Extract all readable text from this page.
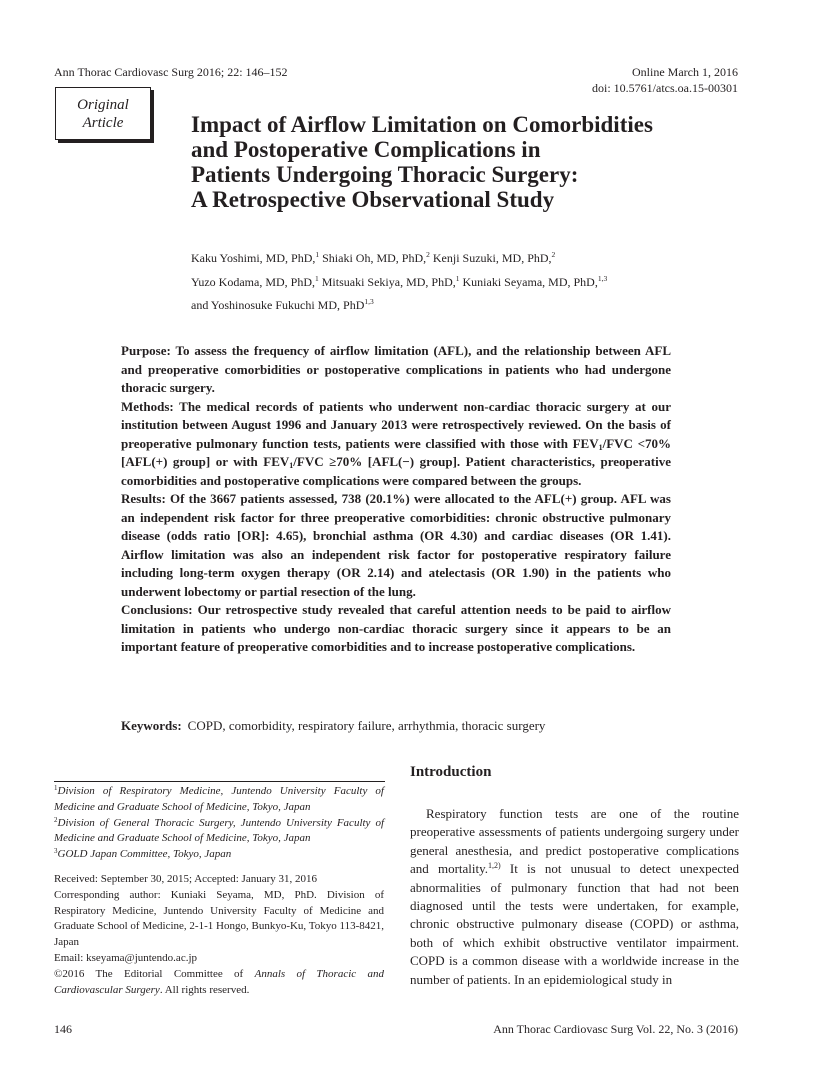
Ann Thorac Cardiovasc Surg 2016; 22: 146–152	Online March 1, 2016
doi: 10.5761/atcs.oa.15-00301
Original
Article	Impact of Airflow Limitation on Comorbidities
and Postoperative Complications in
Patients Undergoing Thoracic Surgery:
A Retrospective Observational Study
Kaku Yoshimi, MD, PhD,$^1$ Shiaki Oh, MD, PhD,$^2$ Kenji Suzuki, MD, PhD,$^2$
Yuzo Kodama, MD, PhD,$^1$ Mitsuaki Sekiya, MD, PhD,$^1$ Kuniaki Seyama, MD, PhD,$^{1,3}$
and Yoshinosuke Fukuchi MD, PhD$^{1,3}$

Purpose: To assess the frequency of airflow limitation (AFL), and the relationship between AFL and preoperative comorbidities or postoperative complications in patients who had undergone thoracic surgery.

Methods: The medical records of patients who underwent non-cardiac thoracic surgery at our institution between August 1996 and January 2013 were retrospectively reviewed. On the basis of preoperative pulmonary function tests, patients were classified with those with $FEV_1$/FVC <70% [AFL(+) group] or with $FEV_1$/FVC ≥70% [AFL(−) group]. Patient characteristics, preoperative comorbidities and postoperative complications were compared between the groups.

Results: Of the 3667 patients assessed, 738 (20.1%) were allocated to the AFL(+) group. AFL was an independent risk factor for three preoperative comorbidities: chronic obstructive pulmonary disease (odds ratio [OR]: 4.65), bronchial asthma (OR 4.30) and cardiac diseases (OR 1.41). Airflow limitation was also an independent risk factor for postoperative respiratory failure including long-term oxygen therapy (OR 2.14) and atelectasis (OR 1.90) in the patients who underwent lobectomy or partial resection of the lung.

Conclusions: Our retrospective study revealed that careful attention needs to be paid to airflow limitation in patients who undergo non-cardiac thoracic surgery since it appears to be an important feature of preoperative comorbidities and to increase postoperative complications.

Keywords: COPD, comorbidity, respiratory failure, arrhythmia, thoracic surgery

$^1$Division of Respiratory Medicine, Juntendo University Faculty of Medicine and Graduate School of Medicine, Tokyo, Japan

$^2$Division of General Thoracic Surgery, Juntendo University Faculty of Medicine and Graduate School of Medicine, Tokyo, Japan

$^3$GOLD Japan Committee, Tokyo, Japan

Received: September 30, 2015; Accepted: January 31, 2016

Corresponding author: Kuniaki Seyama, MD, PhD. Division of Respiratory Medicine, Juntendo University Faculty of Medicine and Graduate School of Medicine, 2-1-1 Hongo, Bunkyo-Ku, Tokyo 113-8421, Japan

Email: kseyama@juntendo.ac.jp

©2016 The Editorial Committee of Annals of Thoracic and Cardiovascular Surgery. All rights reserved.

Introduction

Respiratory function tests are one of the routine preoperative assessments of patients undergoing surgery under general anesthesia, and predict postoperative complications and mortality.$^{1,2)}$ It is not unusual to detect unexpected abnormalities of pulmonary function that had not been diagnosed until the tests were undertaken, for example, chronic obstructive pulmonary disease (COPD) or asthma, both of which exhibit obstructive ventilator impairment. COPD is a common disease with a worldwide increase in the number of patients. In an epidemiological study in

146	Ann Thorac Cardiovasc Surg Vol. 22, No. 3 (2016)
